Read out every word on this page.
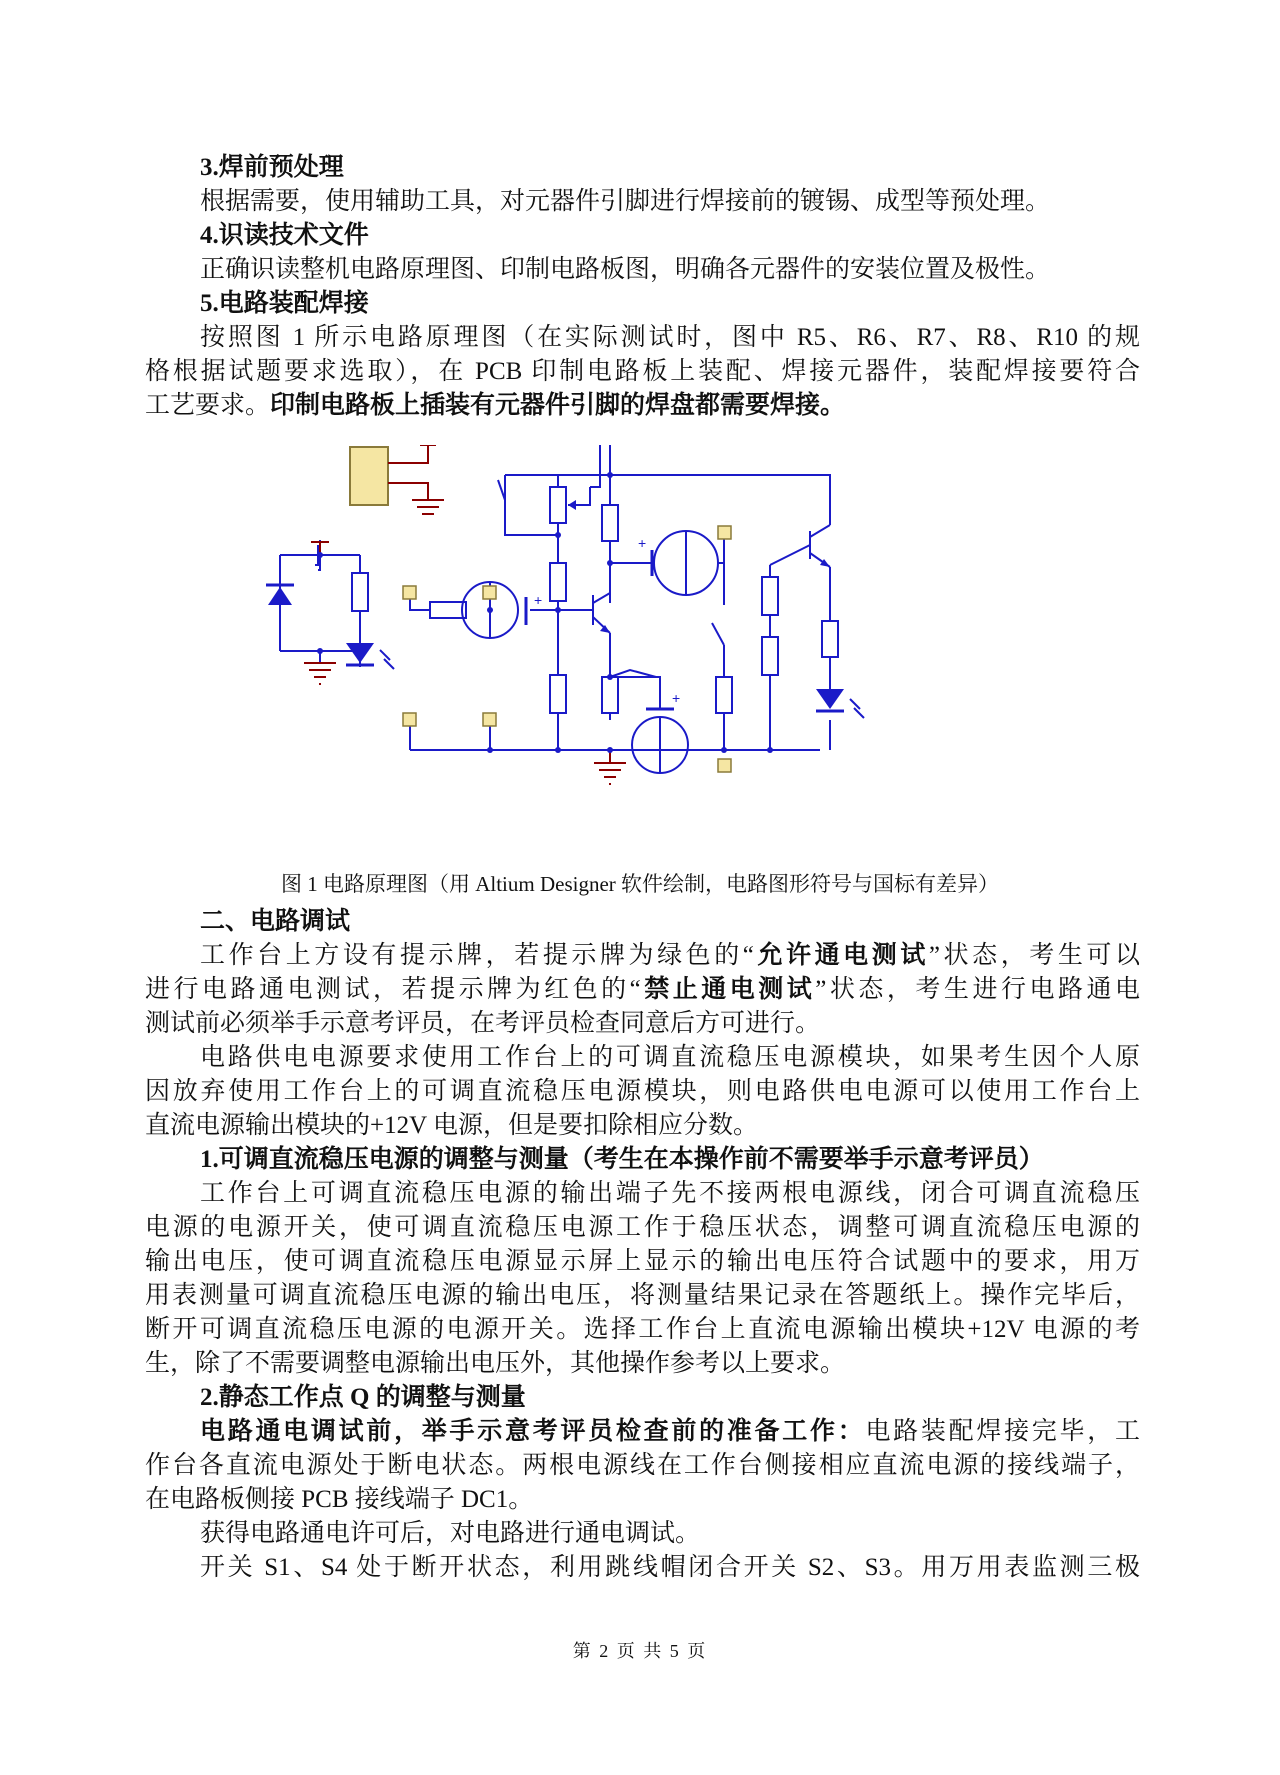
3.焊前预处理
根据需要，使用辅助工具，对元器件引脚进行焊接前的镀锡、成型等预处理。
4.识读技术文件
正确识读整机电路原理图、印制电路板图，明确各元器件的安装位置及极性。
5.电路装配焊接
按照图 1 所示电路原理图（在实际测试时，图中 R5、R6、R7、R8、R10 的规
格根据试题要求选取），在 PCB 印制电路板上装配、焊接元器件，装配焊接要符合
工艺要求。印制电路板上插装有元器件引脚的焊盘都需要焊接。
+
+
+
图 1 电路原理图（用 Altium Designer 软件绘制，电路图形符号与国标有差异）
二、电路调试
工作台上方设有提示牌，若提示牌为绿色的“允许通电测试”状态，考生可以
进行电路通电测试，若提示牌为红色的“禁止通电测试”状态，考生进行电路通电
测试前必须举手示意考评员，在考评员检查同意后方可进行。
电路供电电源要求使用工作台上的可调直流稳压电源模块，如果考生因个人原
因放弃使用工作台上的可调直流稳压电源模块，则电路供电电源可以使用工作台上
直流电源输出模块的+12V 电源，但是要扣除相应分数。
1.可调直流稳压电源的调整与测量（考生在本操作前不需要举手示意考评员）
工作台上可调直流稳压电源的输出端子先不接两根电源线，闭合可调直流稳压
电源的电源开关，使可调直流稳压电源工作于稳压状态，调整可调直流稳压电源的
输出电压，使可调直流稳压电源显示屏上显示的输出电压符合试题中的要求，用万
用表测量可调直流稳压电源的输出电压，将测量结果记录在答题纸上。操作完毕后，
断开可调直流稳压电源的电源开关。选择工作台上直流电源输出模块+12V 电源的考
生，除了不需要调整电源输出电压外，其他操作参考以上要求。
2.静态工作点 Q 的调整与测量
电路通电调试前，举手示意考评员检查前的准备工作：电路装配焊接完毕，工
作台各直流电源处于断电状态。两根电源线在工作台侧接相应直流电源的接线端子，
在电路板侧接 PCB 接线端子 DC1。
获得电路通电许可后，对电路进行通电调试。
开关 S1、S4 处于断开状态，利用跳线帽闭合开关 S2、S3。用万用表监测三极
第 2 页 共 5 页
